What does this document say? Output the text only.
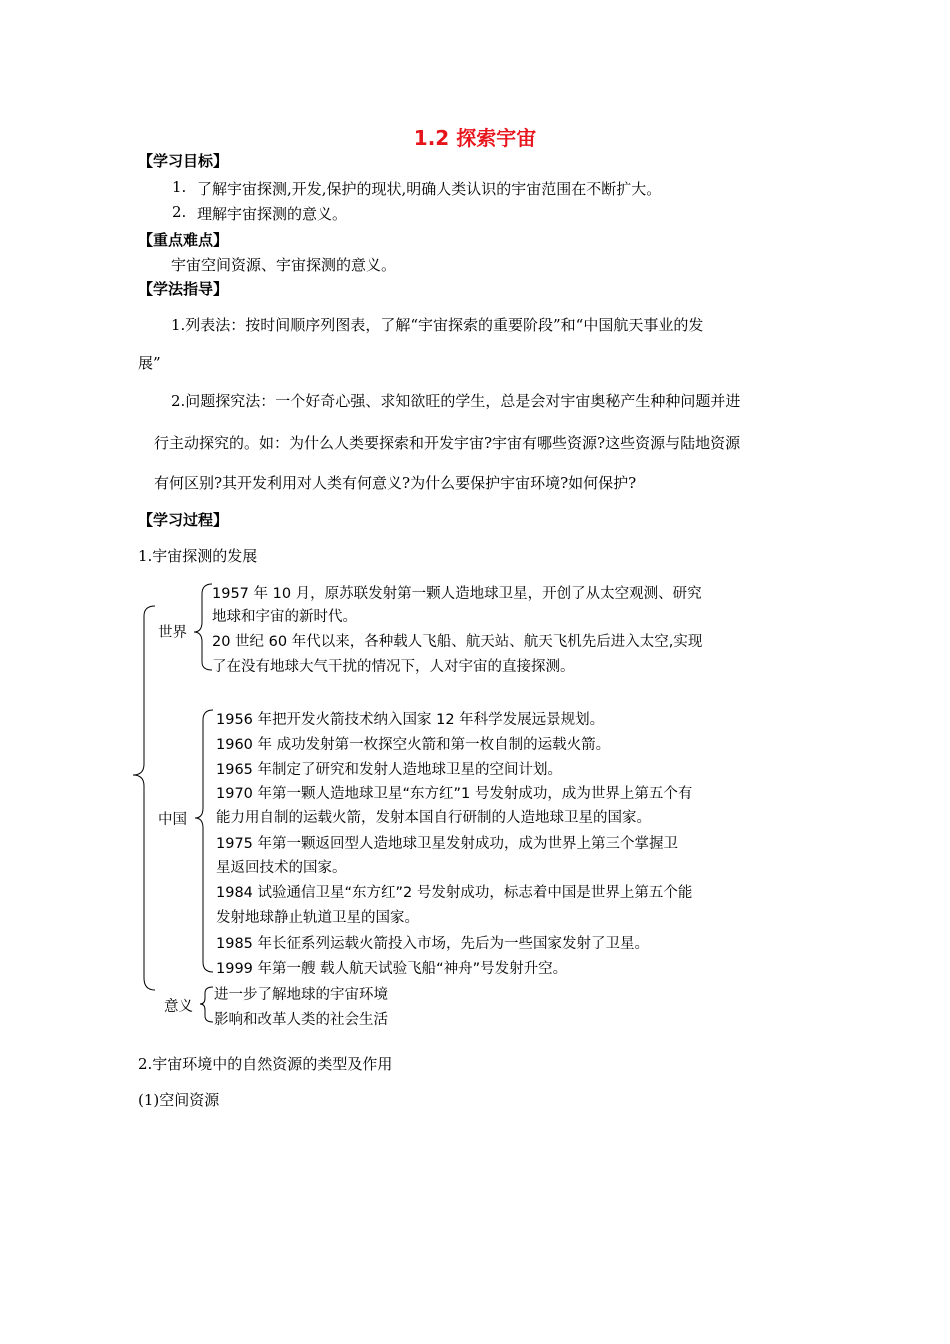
1.2 探索宇宙
【学习目标】
1. 了解宇宙探测,开发,保护的现状,明确人类认识的宇宙范围在不断扩大。
2. 理解宇宙探测的意义。
【重点难点】
宇宙空间资源、宇宙探测的意义。
【学法指导】
1.列表法：按时间顺序列图表，了解“宇宙探索的重要阶段”和“中国航天事业的发
展”
2.问题探究法：一个好奇心强、求知欲旺的学生，总是会对宇宙奥秘产生种种问题并进
行主动探究的。如：为什么人类要探索和开发宇宙?宇宙有哪些资源?这些资源与陆地资源
有何区别?其开发利用对人类有何意义?为什么要保护宇宙环境?如何保护?
【学习过程】
1.宇宙探测的发展
世界
1957 年 10 月，原苏联发射第一颗人造地球卫星，开创了从太空观测、研究
地球和宇宙的新时代。
20 世纪 60 年代以来，各种载人飞船、航天站、航天飞机先后进入太空,实现
了在没有地球大气干扰的情况下，人对宇宙的直接探测。
中国
1956 年把开发火箭技术纳入国家 12 年科学发展远景规划。
1960 年 成功发射第一枚探空火箭和第一枚自制的运载火箭。
1965 年制定了研究和发射人造地球卫星的空间计划。
1970 年第一颗人造地球卫星“东方红”1 号发射成功，成为世界上第五个有
能力用自制的运载火箭，发射本国自行研制的人造地球卫星的国家。
1975 年第一颗返回型人造地球卫星发射成功，成为世界上第三个掌握卫
星返回技术的国家。
1984 试验通信卫星“东方红”2 号发射成功，标志着中国是世界上第五个能
发射地球静止轨道卫星的国家。
1985 年长征系列运载火箭投入市场，先后为一些国家发射了卫星。
1999 年第一艘 载人航天试验飞船“神舟”号发射升空。
意义
进一步了解地球的宇宙环境
影响和改革人类的社会生活
2.宇宙环境中的自然资源的类型及作用
(1)空间资源
